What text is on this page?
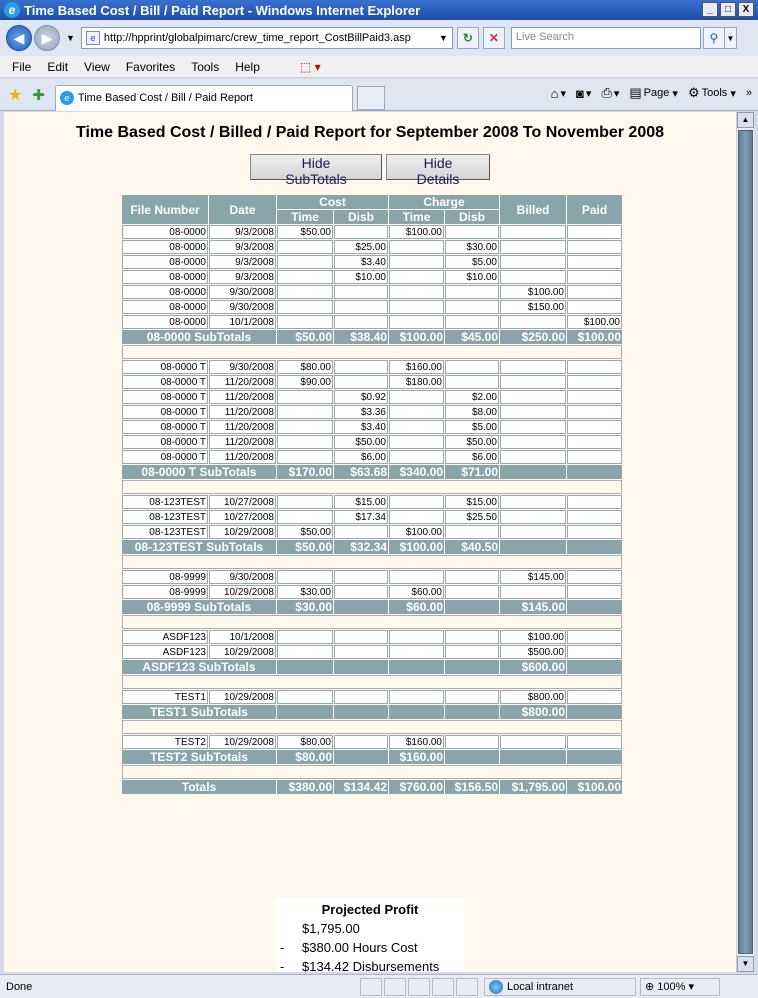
e Time Based Cost / Bill / Paid Report - Windows Internet Explorer	_	□	X
◀	▶	▼	e http://hpprint/globalpimarc/crew_time_report_CostBillPaid3.asp	▼	↻	✕	Live Search	⚲	▼
File Edit View Favorites Tools Help	⬚ ▾
★ ✚	e Time Based Cost / Bill / Paid Report	⌂ ▾ ◙ ▾ ⎙ ▾ ▤ Page ▾ ⚙ Tools ▾ »
Time Based Cost / Billed / Paid Report for September 2008 To November 2008
Hide SubTotals
Hide Details
File Number	Date	Cost		Charge		Billed	Paid
		Time	Disb	Time	Disb		
08-0000	9/3/2008	$50.00		$100.00			
08-0000	9/3/2008		$25.00		$30.00		
08-0000	9/3/2008		$3.40		$5.00		
08-0000	9/3/2008		$10.00		$10.00		
08-0000	9/30/2008					$100.00	
08-0000	9/30/2008					$150.00	
08-0000	10/1/2008						$100.00
08-0000 SubTotals		$50.00	$38.40	$100.00	$45.00	$250.00	$100.00

08-0000 T	9/30/2008	$80.00		$160.00			
08-0000 T	11/20/2008	$90.00		$180.00			
08-0000 T	11/20/2008		$0.92		$2.00		
08-0000 T	11/20/2008		$3.36		$8.00		
08-0000 T	11/20/2008		$3.40		$5.00		
08-0000 T	11/20/2008		$50.00		$50.00		
08-0000 T	11/20/2008		$6.00		$6.00		
08-0000 T SubTotals		$170.00	$63.68	$340.00	$71.00		

08-123TEST	10/27/2008		$15.00		$15.00		
08-123TEST	10/27/2008		$17.34		$25.50		
08-123TEST	10/29/2008	$50.00		$100.00			
08-123TEST SubTotals		$50.00	$32.34	$100.00	$40.50		

08-9999	9/30/2008					$145.00	
08-9999	10/29/2008	$30.00		$60.00			
08-9999 SubTotals		$30.00		$60.00		$145.00	

ASDF123	10/1/2008					$100.00	
ASDF123	10/29/2008					$500.00	
ASDF123 SubTotals						$600.00	

TEST1	10/29/2008					$800.00	
TEST1 SubTotals						$800.00	

TEST2	10/29/2008	$80.00		$160.00			
TEST2 SubTotals		$80.00		$160.00			

Totals		$380.00	$134.42	$760.00	$156.50	$1,795.00	$100.00
Projected Profit
$1,795.00
-	$380.00 Hours Cost
-	$134.42 Disbursements
▲
▼
Done	Local intranet	⊕ 100% ▾
